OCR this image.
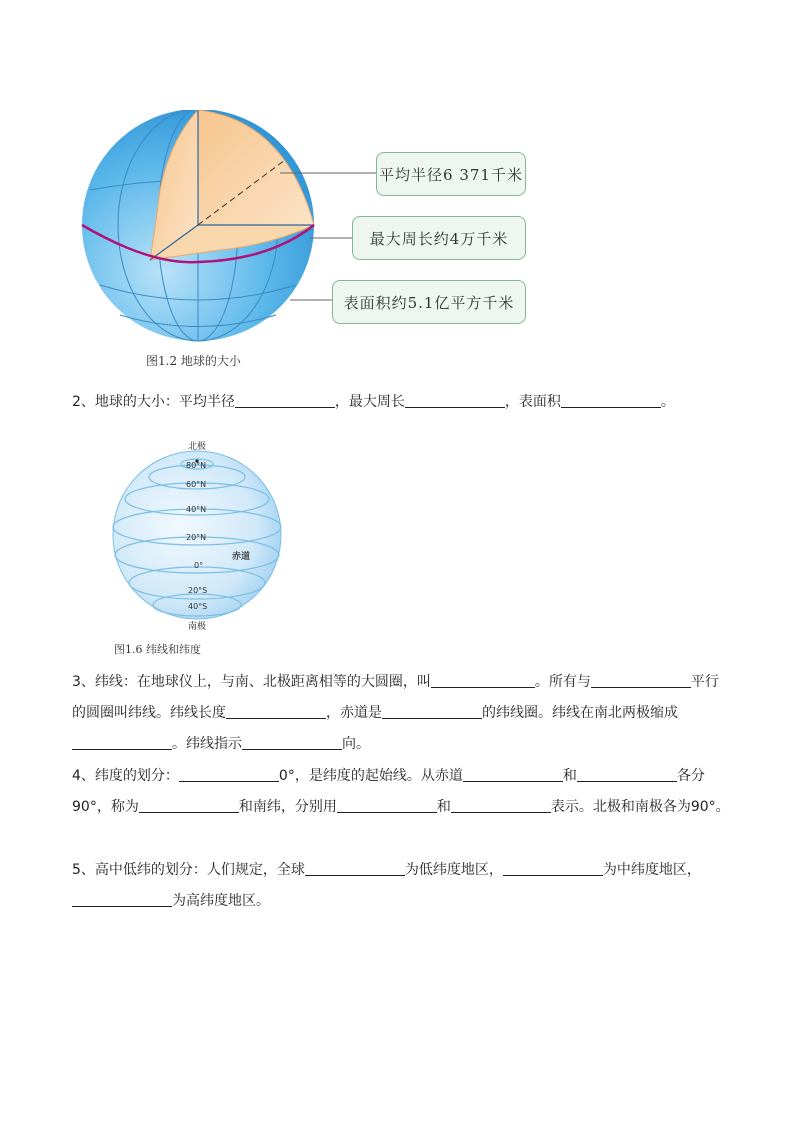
平均半径6 371千米
最大周长约4万千米
表面积约5.1亿平方千米
图1.2 地球的大小
2、地球的大小：平均半径	，最大周长	，表面积	。
北极
80°N
60°N
40°N
20°N
0°
20°S
40°S
赤道
南极
图1.6 纬线和纬度
3、纬线：在地球仪上，与南、北极距离相等的大圆圈，叫	。所有与	平行的圆圈叫纬线。纬线长度	，赤道是	的纬线圈。纬线在南北两极缩成。纬线指示	向。
4、纬度的划分：	0°，是纬度的起始线。从赤道	和	各分90°，称为	和南纬，分别用	和	表示。北极和南极各为90°。
5、高中低纬的划分：人们规定，全球	为低纬度地区，	为中纬度地区，为高纬度地区。
